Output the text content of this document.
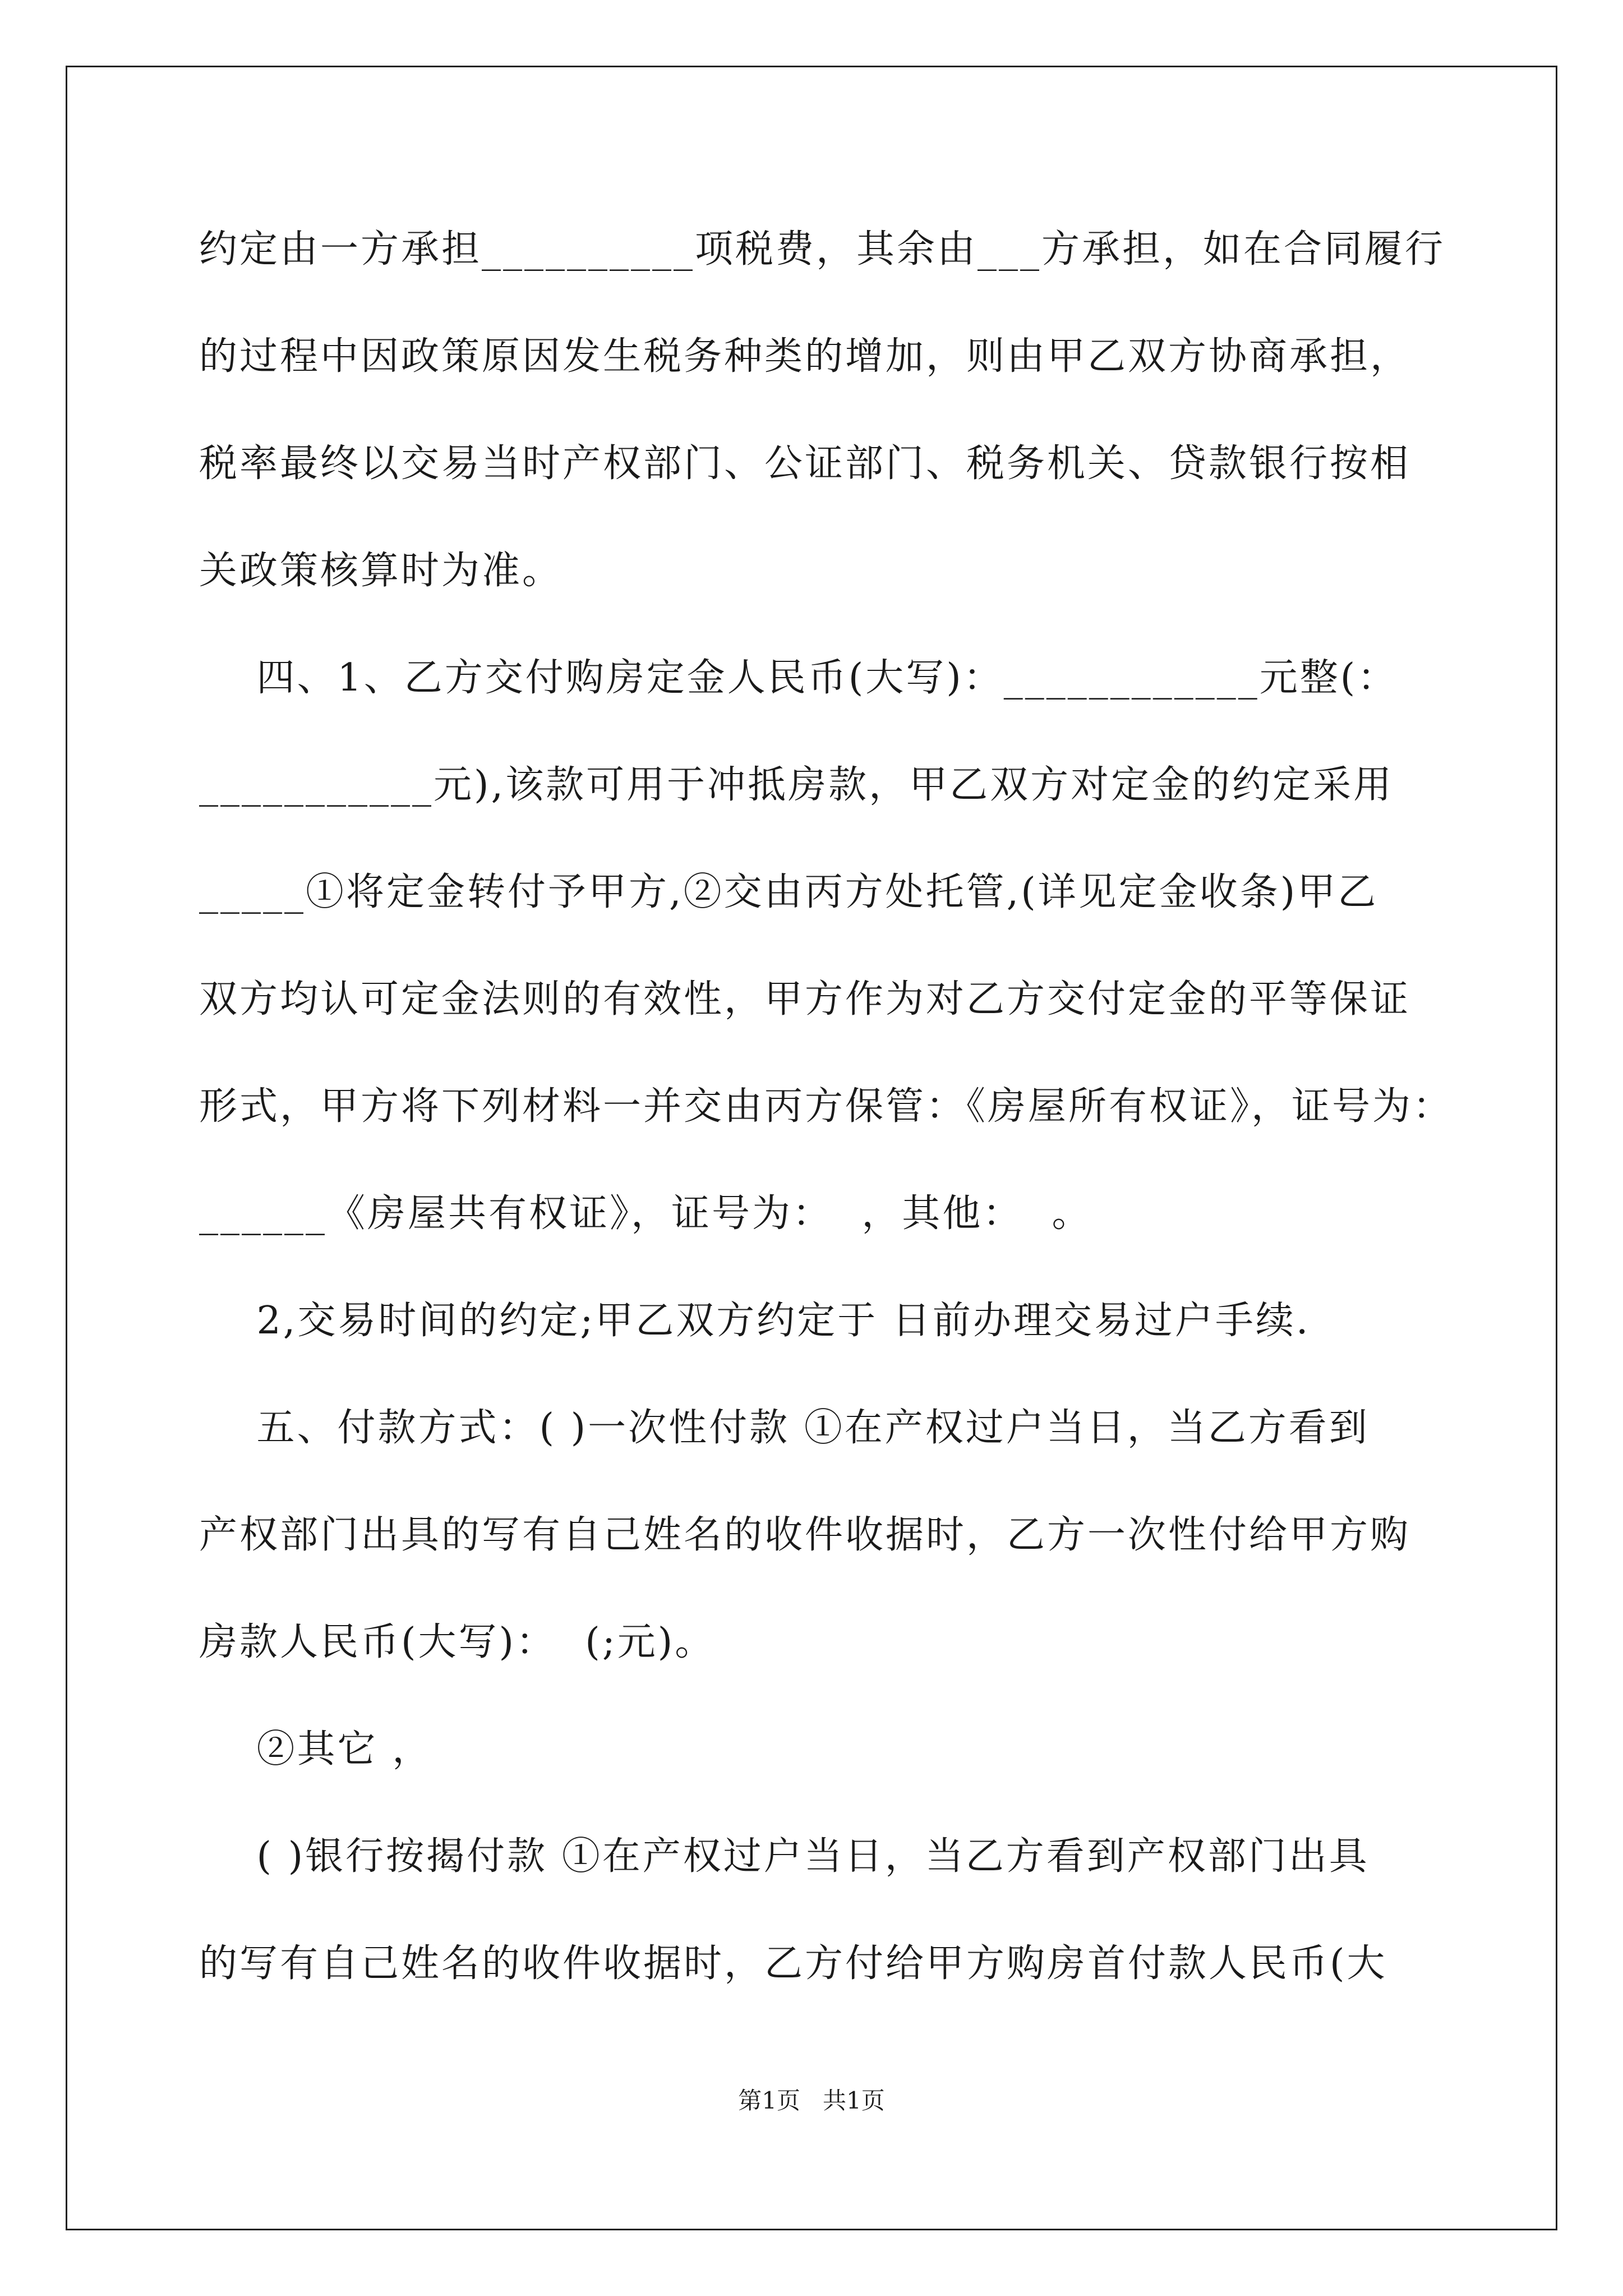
约定由一方承担__________项税费，其余由___方承担，如在合同履行
的过程中因政策原因发生税务种类的增加，则由甲乙双方协商承担，
税率最终以交易当时产权部门、公证部门、税务机关、贷款银行按相
关政策核算时为准。
四、1、乙方交付购房定金人民币(大写)：____________元整(：
___________元),该款可用于冲抵房款，甲乙双方对定金的约定采用
_____①将定金转付予甲方,②交由丙方处托管,(详见定金收条)甲乙
双方均认可定金法则的有效性，甲方作为对乙方交付定金的平等保证
形式，甲方将下列材料一并交由丙方保管：《房屋所有权证》，证号为：
______《房屋共有权证》，证号为：  ，其他：  。
2,交易时间的约定;甲乙双方约定于 日前办理交易过户手续.
五、付款方式：( )一次性付款 ①在产权过户当日，当乙方看到
产权部门出具的写有自己姓名的收件收据时，乙方一次性付给甲方购
房款人民币(大写)：  (;元)。
②其它 ，
( )银行按揭付款 ①在产权过户当日，当乙方看到产权部门出具
的写有自己姓名的收件收据时，乙方付给甲方购房首付款人民币(大
第1页   共1页
